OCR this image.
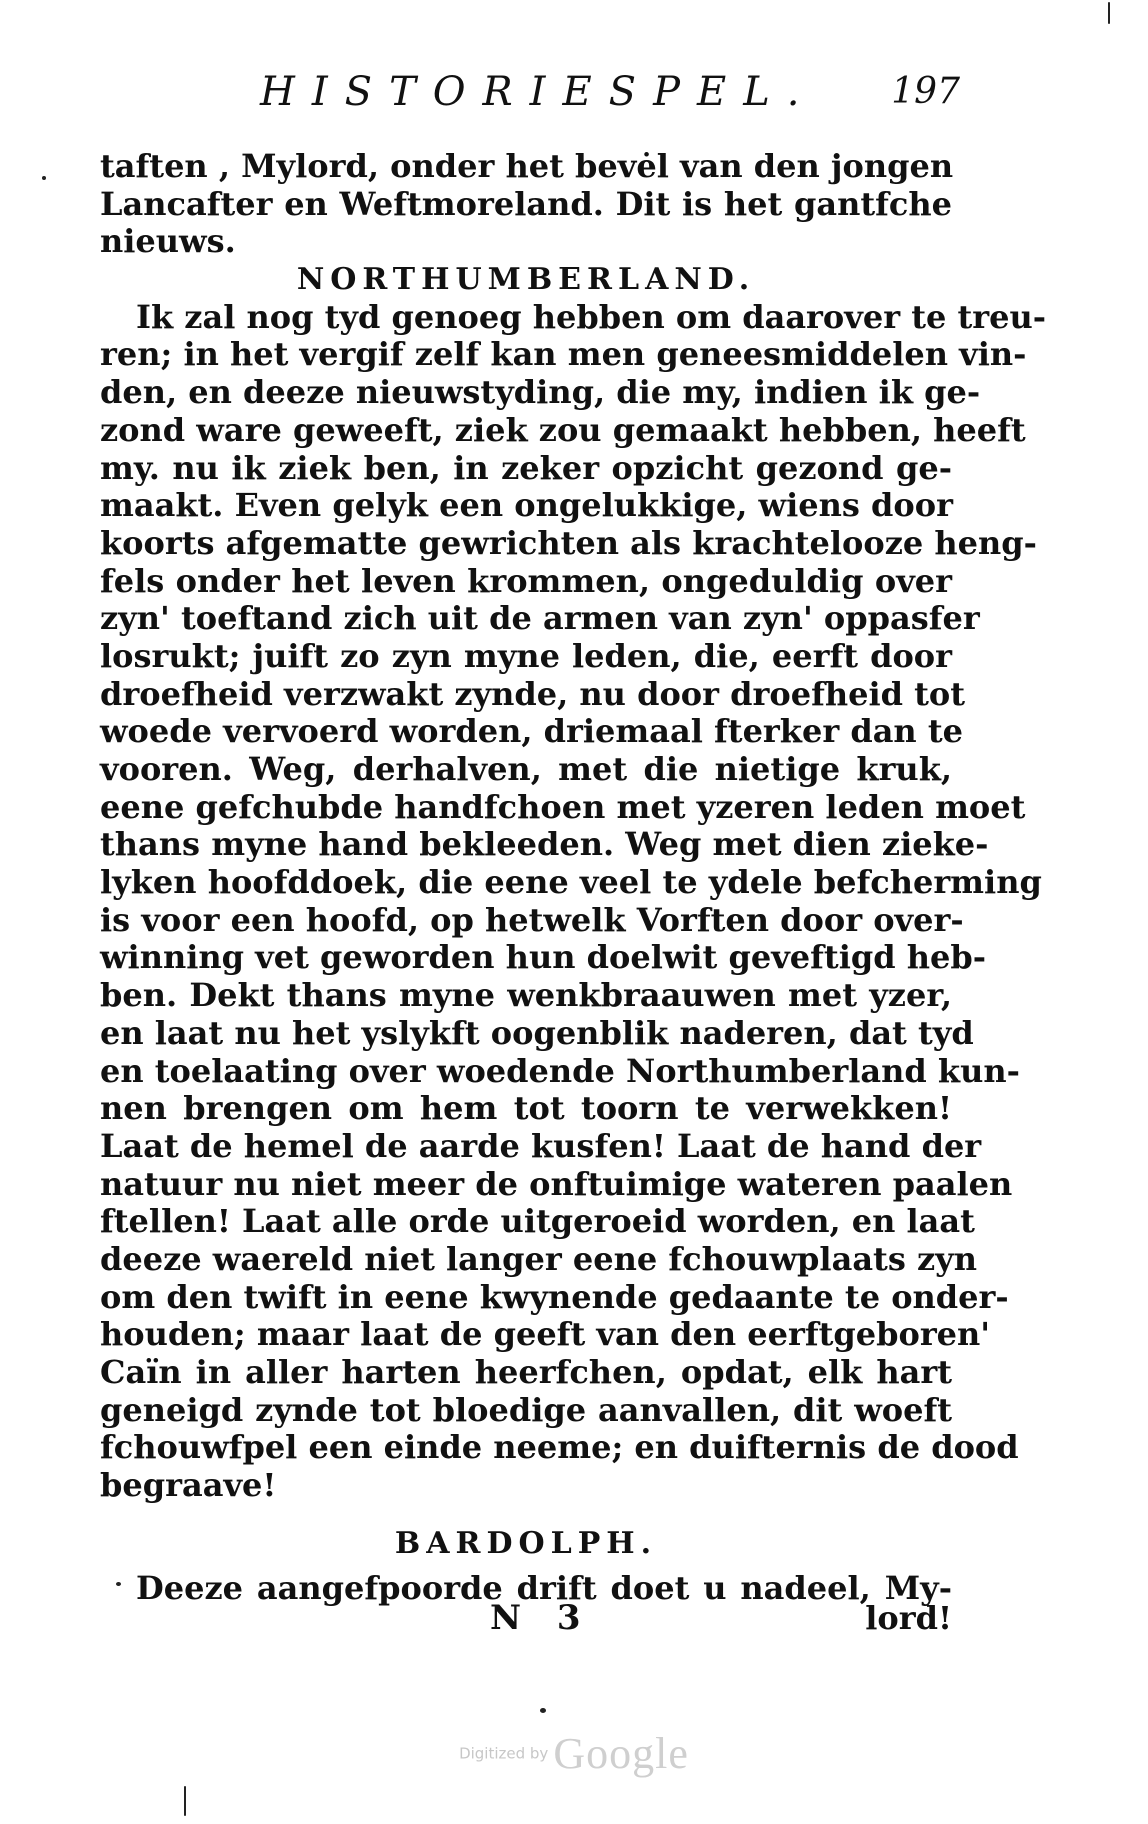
HISTORIESPEL. 197
taften , Mylord, onder het bevėl van den jongen
Lancafter en Weftmoreland. Dit is het gantfche
nieuws.
NORTHUMBERLAND.
Ik zal nog tyd genoeg hebben om daarover te treu-
ren; in het vergif zelf kan men geneesmiddelen vin-
den, en deeze nieuwstyding, die my, indien ik ge-
zond ware geweeft, ziek zou gemaakt hebben, heeft
my. nu ik ziek ben, in zeker opzicht gezond ge-
maakt. Even gelyk een ongelukkige, wiens door
koorts afgematte gewrichten als krachtelooze heng-
fels onder het leven krommen, ongeduldig over
zyn' toeftand zich uit de armen van zyn' oppasfer
losrukt; juift zo zyn myne leden, die, eerft door
droefheid verzwakt zynde, nu door droefheid tot
woede vervoerd worden, driemaal fterker dan te
vooren. Weg, derhalven, met die nietige kruk,
eene gefchubde handfchoen met yzeren leden moet
thans myne hand bekleeden. Weg met dien zieke-
lyken hoofddoek, die eene veel te ydele befcherming
is voor een hoofd, op hetwelk Vorften door over-
winning vet geworden hun doelwit geveftigd heb-
ben. Dekt thans myne wenkbraauwen met yzer,
en laat nu het yslykft oogenblik naderen, dat tyd
en toelaating over woedende Northumberland kun-
nen brengen om hem tot toorn te verwekken!
Laat de hemel de aarde kusfen! Laat de hand der
natuur nu niet meer de onftuimige wateren paalen
ftellen! Laat alle orde uitgeroeid worden, en laat
deeze waereld niet langer eene fchouwplaats zyn
om den twift in eene kwynende gedaante te onder-
houden; maar laat de geeft van den eerftgeboren'
Caïn in aller harten heerfchen, opdat, elk hart
geneigd zynde tot bloedige aanvallen, dit woeft
fchouwfpel een einde neeme; en duifternis de dood
begraave!
BARDOLPH.
Deeze aangefpoorde drift doet u nadeel, My-
N 3	lord!
Digitized by Google
